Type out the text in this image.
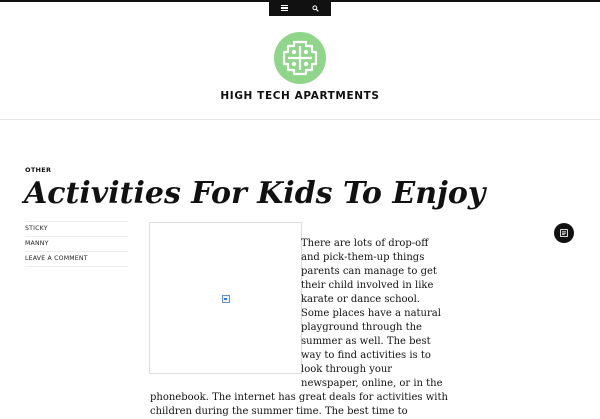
HIGH TECH APARTMENTS
OTHER
Activities For Kids To Enjoy
STICKY
MANNY
LEAVE A COMMENT

There are lots of drop-off and pick-them-up things parents can manage to get their child involved in like karate or dance school. Some places have a natural playground through the summer as well. The best way to find activities is to look through your newspaper, online, or in the phonebook. The internet has great deals for activities with children during the summer time. The best time to
